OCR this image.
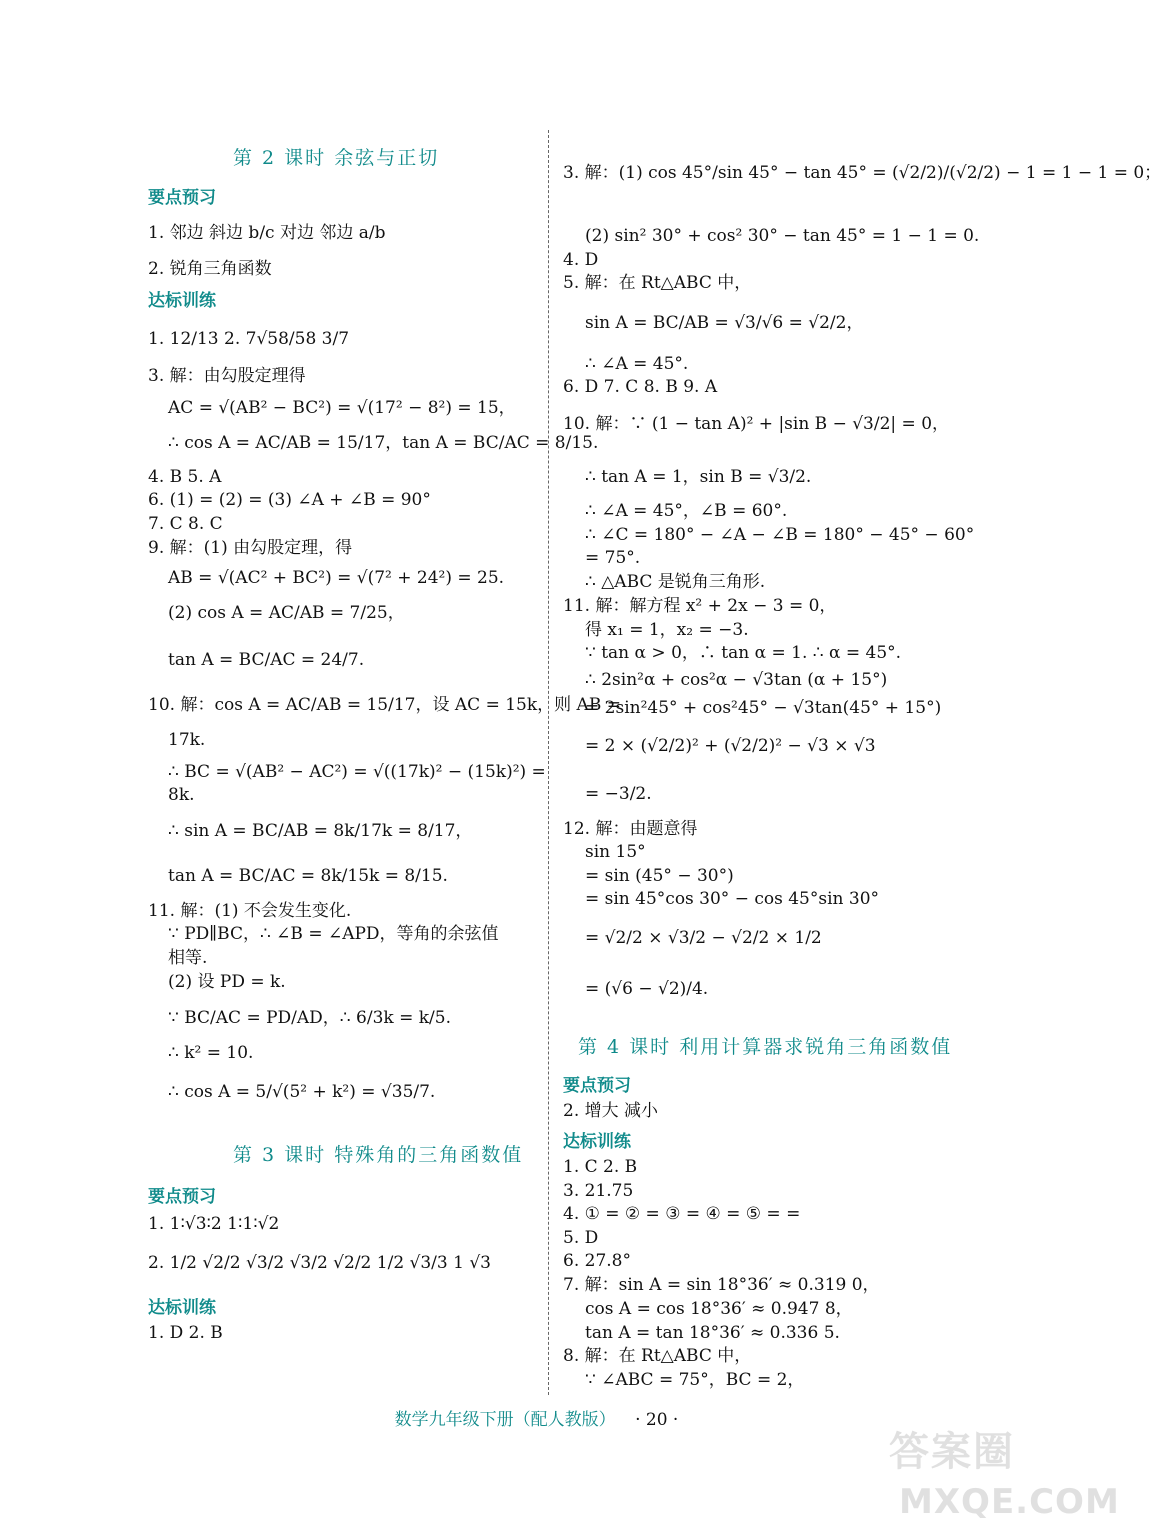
第 2 课时 余弦与正切
要点预习
1. 邻边 斜边 b/c 对边 邻边 a/b
2. 锐角三角函数
达标训练
1. 12/13 2. 7√58/58 3/7
3. 解：由勾股定理得
AC = √(AB² − BC²) = √(17² − 8²) = 15，
∴ cos A = AC/AB = 15/17，tan A = BC/AC = 8/15.
4. B 5. A
6. (1) = (2) = (3) ∠A + ∠B = 90°
7. C 8. C
9. 解：(1) 由勾股定理，得
AB = √(AC² + BC²) = √(7² + 24²) = 25.
(2) cos A = AC/AB = 7/25，
tan A = BC/AC = 24/7.
10. 解：cos A = AC/AB = 15/17，设 AC = 15k，则 AB =
17k.
∴ BC = √(AB² − AC²) = √((17k)² − (15k)²) =
8k.
∴ sin A = BC/AB = 8k/17k = 8/17，
tan A = BC/AC = 8k/15k = 8/15.
11. 解：(1) 不会发生变化.
∵ PD∥BC，∴ ∠B = ∠APD，等角的余弦值
相等.
(2) 设 PD = k.
∵ BC/AC = PD/AD，∴ 6/3k = k/5.
∴ k² = 10.
∴ cos A = 5/√(5² + k²) = √35/7.
第 3 课时 特殊角的三角函数值
要点预习
1. 1∶√3∶2 1∶1∶√2
2. 1/2 √2/2 √3/2 √3/2 √2/2 1/2 √3/3 1 √3
达标训练
1. D 2. B
3. 解：(1) cos 45°/sin 45° − tan 45° = (√2/2)/(√2/2) − 1 = 1 − 1 = 0；
(2) sin² 30° + cos² 30° − tan 45° = 1 − 1 = 0.
4. D
5. 解：在 Rt△ABC 中，
sin A = BC/AB = √3/√6 = √2/2，
∴ ∠A = 45°.
6. D 7. C 8. B 9. A
10. 解：∵ (1 − tan A)² + |sin B − √3/2| = 0，
∴ tan A = 1，sin B = √3/2.
∴ ∠A = 45°，∠B = 60°.
∴ ∠C = 180° − ∠A − ∠B = 180° − 45° − 60°
= 75°.
∴ △ABC 是锐角三角形.
11. 解：解方程 x² + 2x − 3 = 0，
得 x₁ = 1，x₂ = −3.
∵ tan α > 0，∴ tan α = 1. ∴ α = 45°.
∴ 2sin²α + cos²α − √3tan (α + 15°)
= 2sin²45° + cos²45° − √3tan(45° + 15°)
= 2 × (√2/2)² + (√2/2)² − √3 × √3
= −3/2.
12. 解：由题意得
sin 15°
= sin (45° − 30°)
= sin 45°cos 30° − cos 45°sin 30°
= √2/2 × √3/2 − √2/2 × 1/2
= (√6 − √2)/4.
第 4 课时 利用计算器求锐角三角函数值
要点预习
2. 增大 减小
达标训练
1. C 2. B
3. 21.75
4. ① = ② = ③ = ④ = ⑤ = =
5. D
6. 27.8°
7. 解：sin A = sin 18°36′ ≈ 0.319 0，
cos A = cos 18°36′ ≈ 0.947 8，
tan A = tan 18°36′ ≈ 0.336 5.
8. 解：在 Rt△ABC 中，
∵ ∠ABC = 75°，BC = 2，
数学九年级下册（配人教版） · 20 ·
答案圈
MXQE.COM
